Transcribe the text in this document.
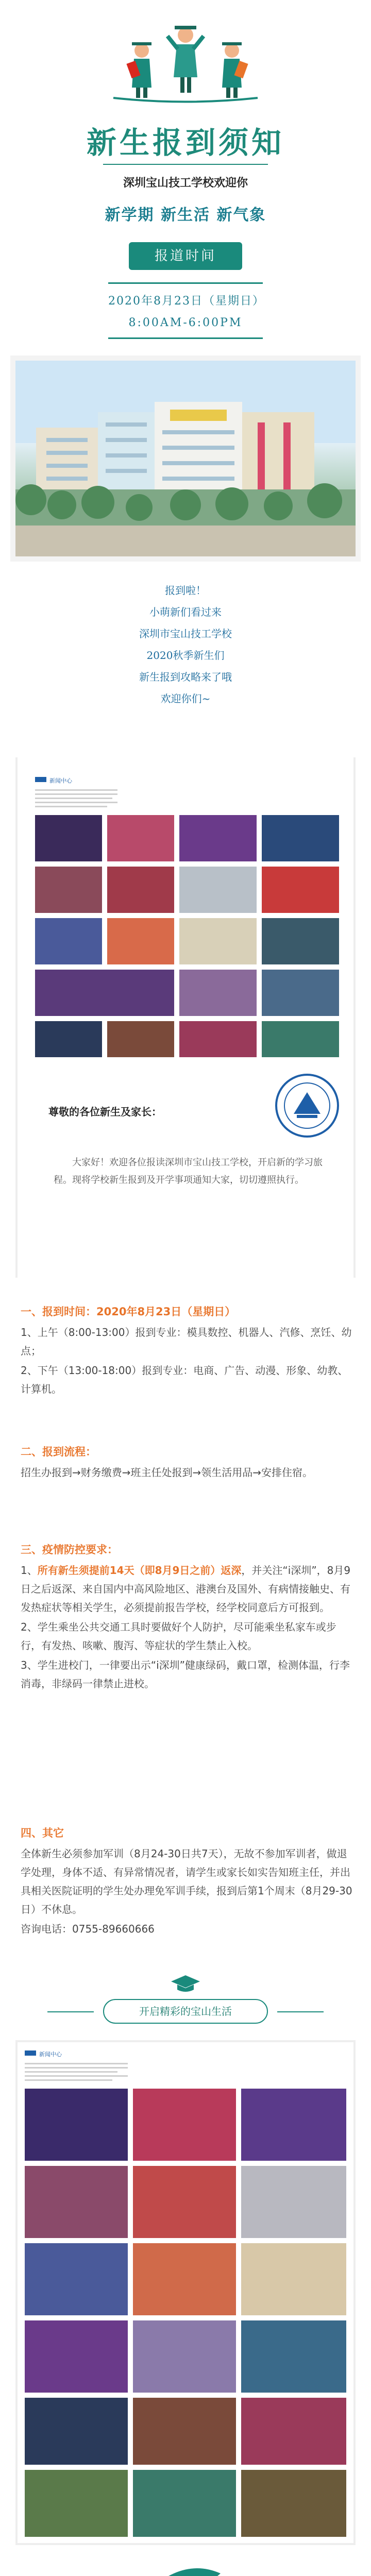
新生报到须知
深圳宝山技工学校欢迎你
新学期 新生活 新气象
报道时间
2020年8月23日（星期日）
8:00AM-6:00PM

报到啦！

小萌新们看过来

深圳市宝山技工学校

2020秋季新生们

新生报到攻略来了哦

欢迎你们~

新闻中心
尊敬的各位新生及家长：
大家好！欢迎各位报读深圳市宝山技工学校，开启新的学习旅程。现将学校新生报到及开学事项通知大家，切切遵照执行。
一、报到时间：2020年8月23日（星期日）

1、上午（8:00-13:00）报到专业：模具数控、机器人、汽修、烹饪、幼点；

2、下午（13:00-18:00）报到专业：电商、广告、动漫、形象、幼教、计算机。

二、报到流程：

招生办报到→财务缴费→班主任处报到→领生活用品→安排住宿。

三、疫情防控要求：

1、所有新生须提前14天（即8月9日之前）返深，并关注“i深圳”，8月9日之后返深、来自国内中高风险地区、港澳台及国外、有病情接触史、有发热症状等相关学生，必须提前报告学校，经学校同意后方可报到。

2、学生乘坐公共交通工具时要做好个人防护，尽可能乘坐私家车或步行，有发热、咳嗽、腹泻、等症状的学生禁止入校。

3、学生进校门，一律要出示“i深圳”健康绿码，戴口罩，检测体温，行李消毒，非绿码一律禁止进校。

四、其它

全体新生必须参加军训（8月24-30日共7天），无故不参加军训者，做退学处理，身体不适、有异常情况者，请学生或家长如实告知班主任，并出具相关医院证明的学生处办理免军训手续，报到后第1个周末（8月29-30日）不休息。

咨询电话：0755-89660666

开启精彩的宝山生活
新闻中心
